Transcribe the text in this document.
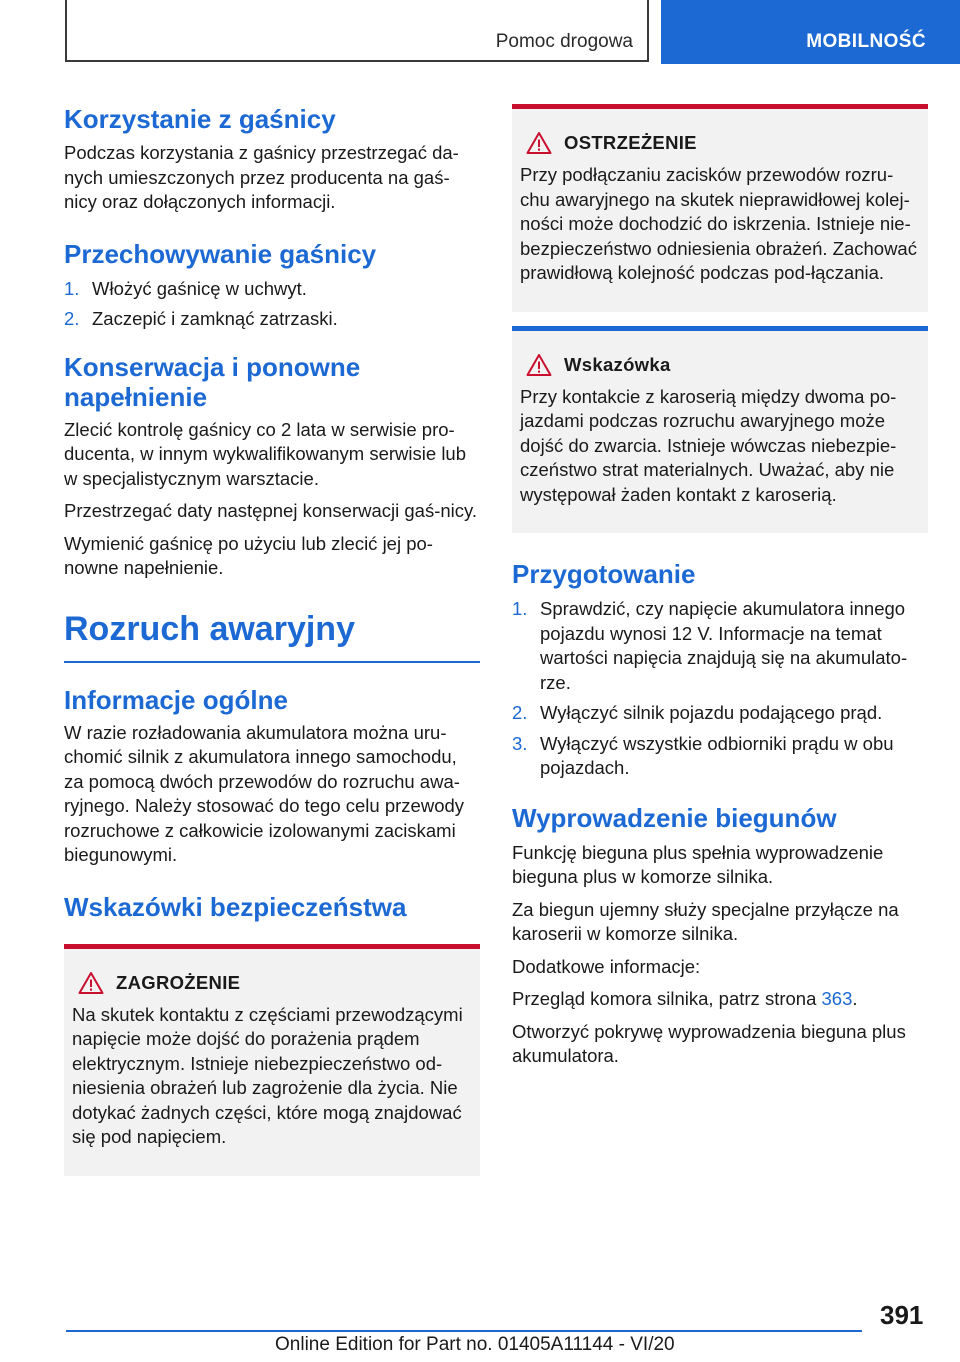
Pomoc drogowa	MOBILNOŚĆ
Korzystanie z gaśnicy

Podczas korzystania z gaśnicy przestrzegać da-nych umieszczonych przez producenta na gaś-nicy oraz dołączonych informacji.

Przechowywanie gaśnicy
1. Włożyć gaśnicę w uchwyt.
2. Zaczepić i zamknąć zatrzaski.
Konserwacja i ponowne napełnienie

Zlecić kontrolę gaśnicy co 2 lata w serwisie pro-ducenta, w innym wykwalifikowanym serwisie lub w specjalistycznym warsztacie.

Przestrzegać daty następnej konserwacji gaś-nicy.

Wymienić gaśnicę po użyciu lub zlecić jej po-nowne napełnienie.

Rozruch awaryjny
Informacje ogólne

W razie rozładowania akumulatora można uru-chomić silnik z akumulatora innego samochodu, za pomocą dwóch przewodów do rozruchu awa-ryjnego. Należy stosować do tego celu przewody rozruchowe z całkowicie izolowanymi zaciskami biegunowymi.

Wskazówki bezpieczeństwa
ZAGROŻENIE

Na skutek kontaktu z częściami przewodzącymi napięcie może dojść do porażenia prądem elektrycznym. Istnieje niebezpieczeństwo od-niesienia obrażeń lub zagrożenie dla życia. Nie dotykać żadnych części, które mogą znajdować się pod napięciem.

OSTRZEŻENIE

Przy podłączaniu zacisków przewodów rozru-chu awaryjnego na skutek nieprawidłowej kolej-ności może dochodzić do iskrzenia. Istnieje nie-bezpieczeństwo odniesienia obrażeń. Zachować prawidłową kolejność podczas pod-łączania.

Wskazówka

Przy kontakcie z karoserią między dwoma po-jazdami podczas rozruchu awaryjnego może dojść do zwarcia. Istnieje wówczas niebezpie-czeństwo strat materialnych. Uważać, aby nie występował żaden kontakt z karoserią.

Przygotowanie
1. Sprawdzić, czy napięcie akumulatora innego pojazdu wynosi 12 V. Informacje na temat wartości napięcia znajdują się na akumulato-rze.
2. Wyłączyć silnik pojazdu podającego prąd.
3. Wyłączyć wszystkie odbiorniki prądu w obu pojazdach.
Wyprowadzenie biegunów

Funkcję bieguna plus spełnia wyprowadzenie bieguna plus w komorze silnika.

Za biegun ujemny służy specjalne przyłącze na karoserii w komorze silnika.

Dodatkowe informacje:

Przegląd komora silnika, patrz strona 363.

Otworzyć pokrywę wyprowadzenia bieguna plus akumulatora.

391
Online Edition for Part no. 01405A11144 - VI/20
